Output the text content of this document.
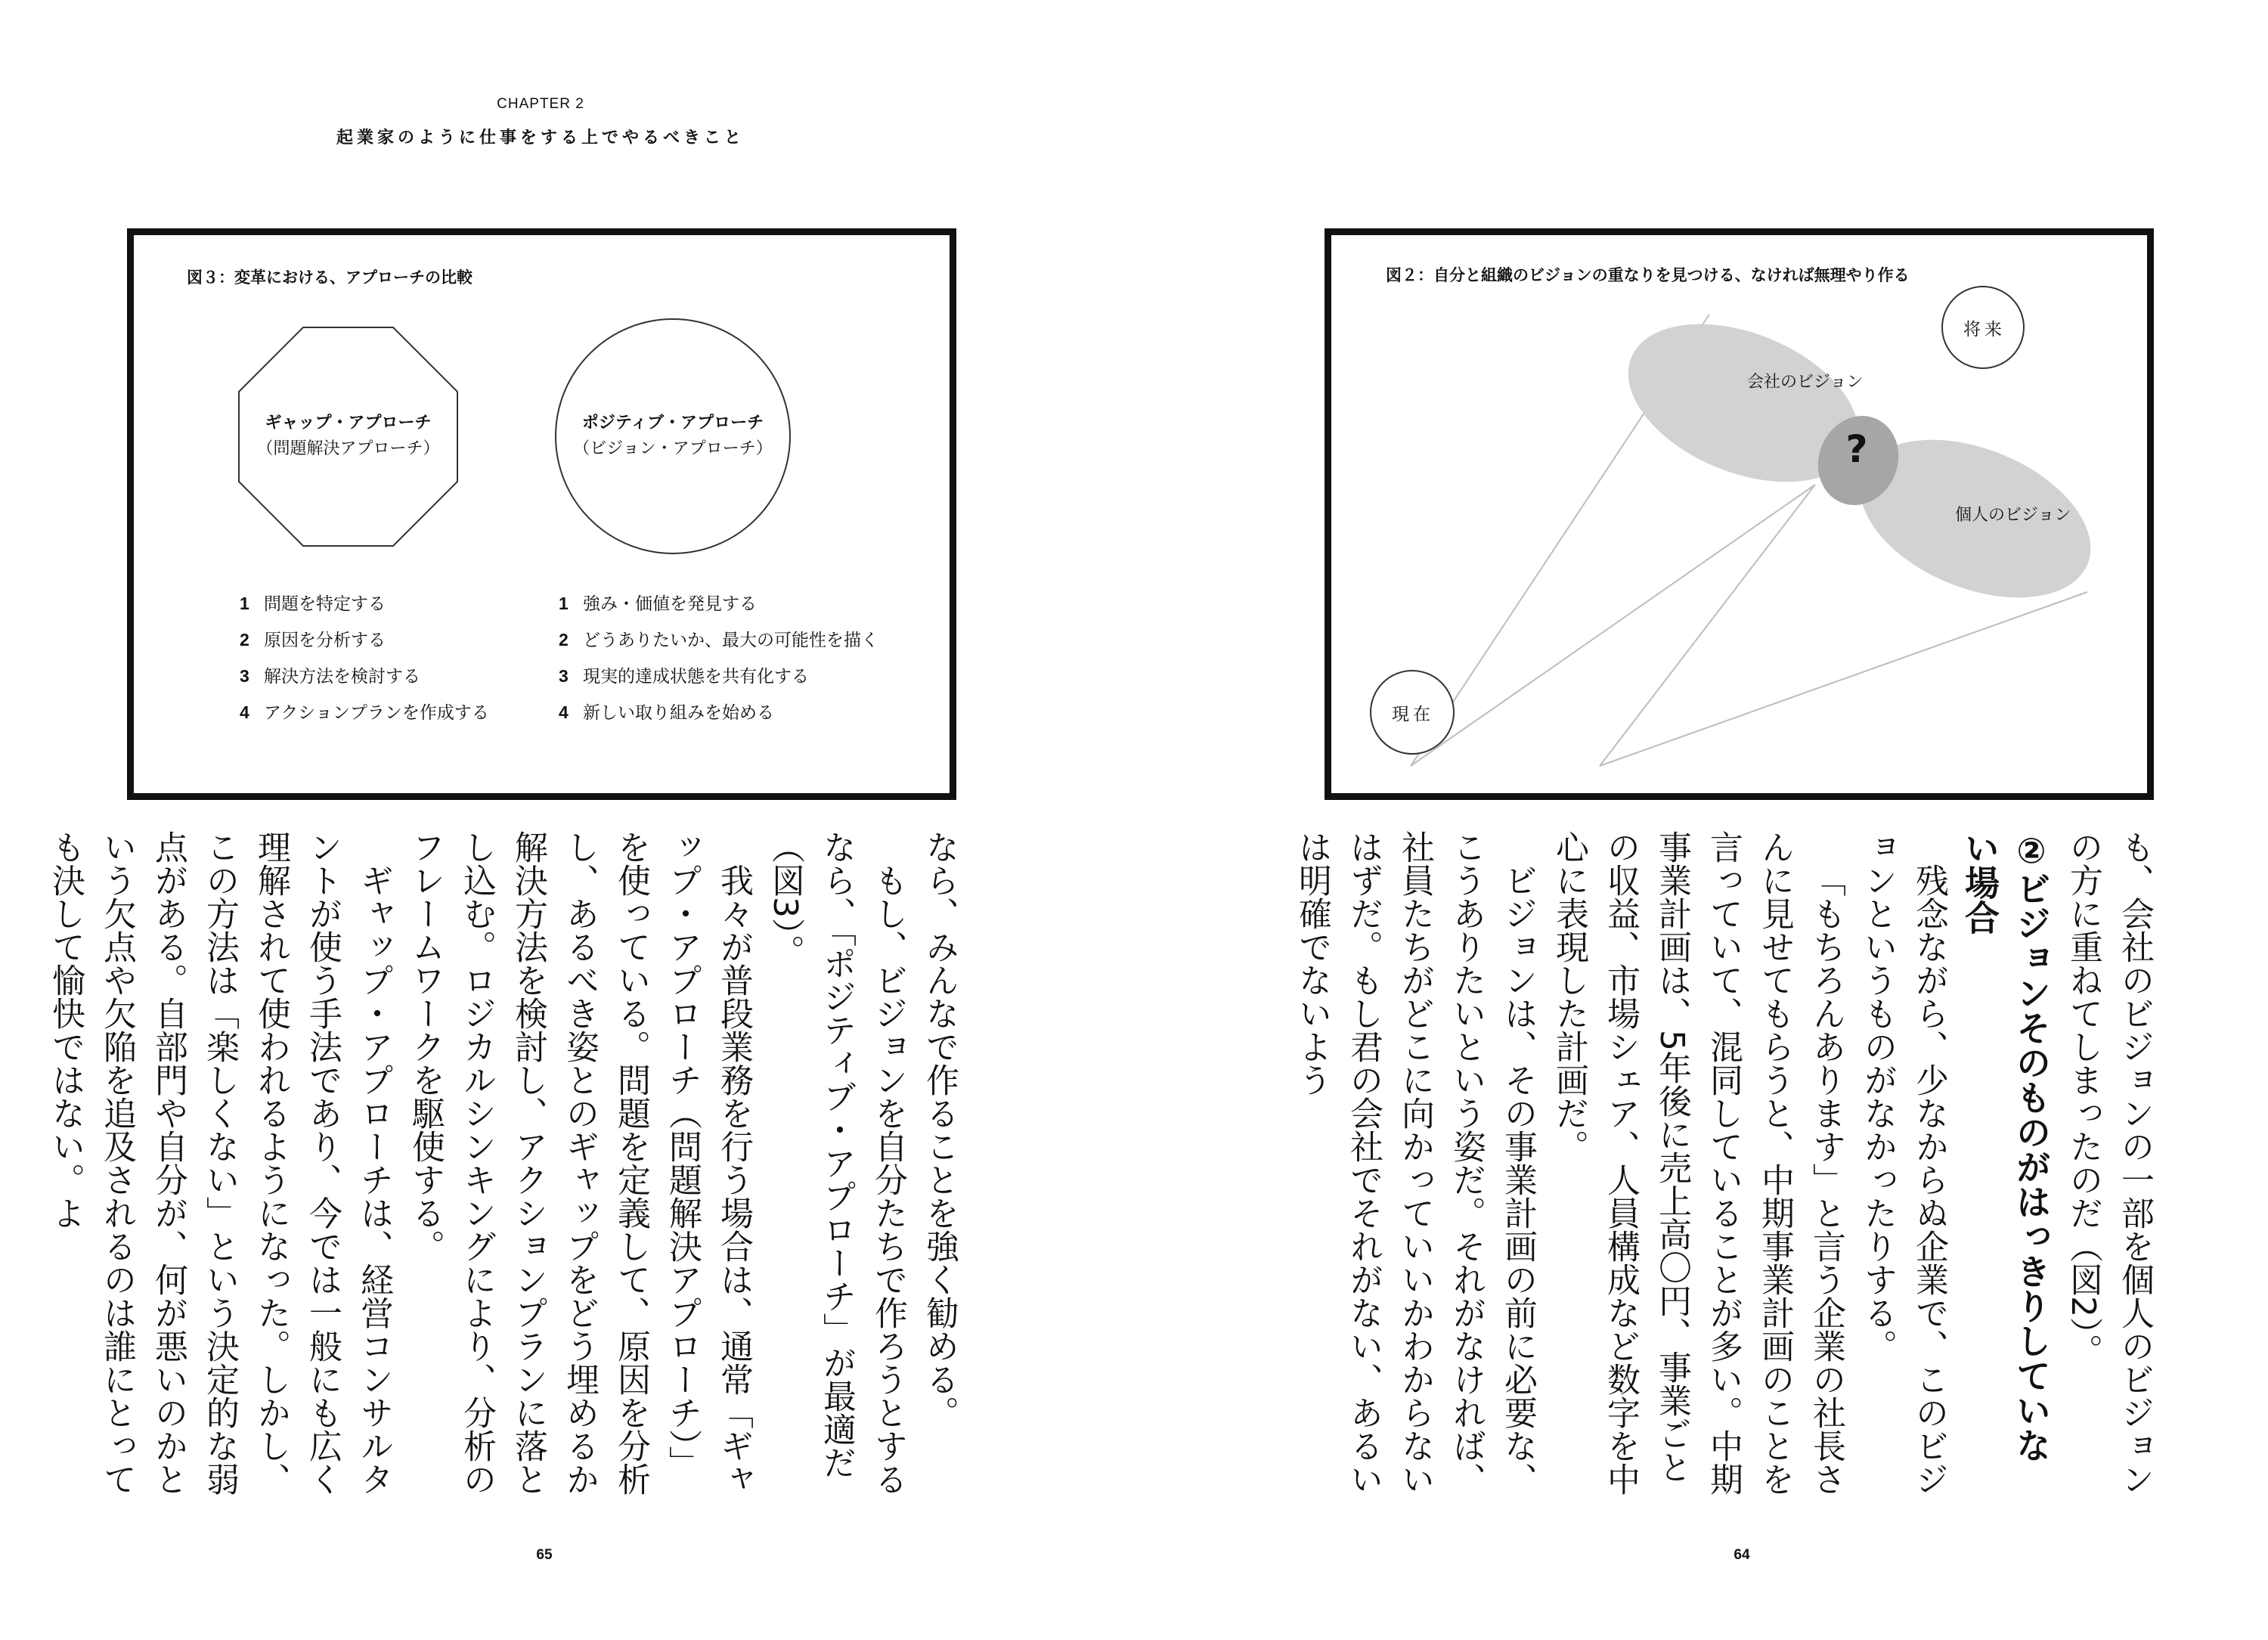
CHAPTER 2
起業家のように仕事をする上でやるべきこと
図３：変革における、アプローチの比較
ギャップ・アプローチ
（問題解決アプローチ）
ポジティブ・アプローチ
（ビジョン・アプローチ）
1 問題を特定する
2 原因を分析する
3 解決方法を検討する
4 アクションプランを作成する
1 強み・価値を発見する
2 どうありたいか、最大の可能性を描く
3 現実的達成状態を共有化する
4 新しい取り組みを始める
図２：自分と組織のビジョンの重なりを見つける、なければ無理やり作る
?
会社のビジョン
個人のビジョン
将来
現在

なら、みんなで作ることを強く勧める。

もし、ビジョンを自分たちで作ろうとするなら、「ポジティブ・アプローチ」が最適だ（図3）。

我々が普段業務を行う場合は、通常「ギャップ・アプローチ（問題解決アプローチ）」を使っている。問題を定義して、原因を分析し、あるべき姿とのギャップをどう埋めるか解決方法を検討し、アクションプランに落とし込む。ロジカルシンキングにより、分析のフレームワークを駆使する。

ギャップ・アプローチは、経営コンサルタントが使う手法であり、今では一般にも広く理解されて使われるようになった。しかし、この方法は「楽しくない」という決定的な弱点がある。自部門や自分が、何が悪いのかという欠点や欠陥を追及されるのは誰にとっても決して愉快ではない。よ	も、会社のビジョンの一部を個人のビジョンの方に重ねてしまったのだ（図2）。

②ビジョンそのものがはっきりしていない場合

残念ながら、少なからぬ企業で、このビジョンというものがなかったりする。

「もちろんあります」と言う企業の社長さんに見せてもらうと、中期事業計画のことを言っていて、混同していることが多い。中期事業計画は、5年後に売上高〇円、事業ごとの収益、市場シェア、人員構成など数字を中心に表現した計画だ。

ビジョンは、その事業計画の前に必要な、こうありたいという姿だ。それがなければ、社員たちがどこに向かっていいかわからないはずだ。もし君の会社でそれがない、あるいは明確でないよう

65	64
